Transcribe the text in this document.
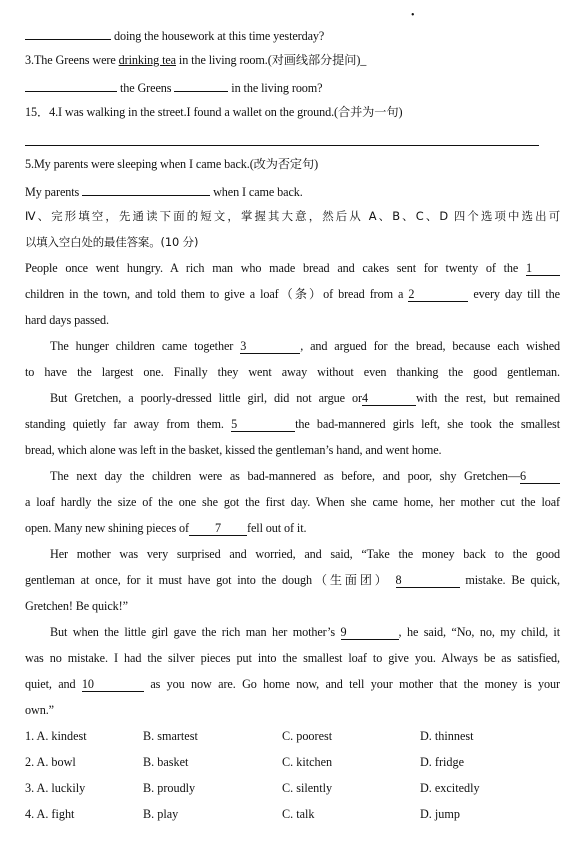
•
doing the housework at this time yesterday?
3.The Greens were drinking tea in the living room.(对画线部分提问)_
the Greens	in the living room?
15．4.I was walking in the street.I found a wallet on the ground.(合并为一句)
5.My parents were sleeping when I came back.(改为否定句)
My parents	when I came back.
Ⅳ、完形填空，先通读下面的短文，掌握其大意，然后从 A、B、C、D 四个选项中选出可
以填入空白处的最佳答案。(10 分)
People once went hungry. A rich man who made bread and cakes sent for twenty of the 1
children in the town, and told them to give a loaf（条）of bread from a 2	every day till the
hard days passed.
The hunger children came together 3	, and argued for the bread, because each wished
to have the largest one. Finally they went away without even thanking the good gentleman.
But Gretchen, a poorly-dressed little girl, did not argue or4	with the rest, but remained
standing quietly far away from them. 5	the bad-mannered girls left, she took the smallest
bread, which alone was left in the basket, kissed the gentleman’s hand, and went home.
The next day the children were as bad-mannered as before, and poor, shy Gretchen—6
a loaf hardly the size of the one she got the first day. When she came home, her mother cut the loaf
open. Many new shining pieces of 7 fell out of it.
Her mother was very surprised and worried, and said, “Take the money back to the good
gentleman at once, for it must have got into the dough（生面团） 8	mistake. Be quick,
Gretchen! Be quick!”
But when the little girl gave the rich man her mother’s 9	, he said, “No, no, my child, it
was no mistake. I had the silver pieces put into the smallest loaf to give you. Always be as satisfied,
quiet, and 10	as you now are. Go home now, and tell your mother that the money is your
own.”
1. A. kindest	B. smartest	C. poorest	D. thinnest
2. A. bowl	B. basket	C. kitchen	D. fridge
3. A. luckily	B. proudly	C. silently	D. excitedly
4. A. fight	B. play	C. talk	D. jump
